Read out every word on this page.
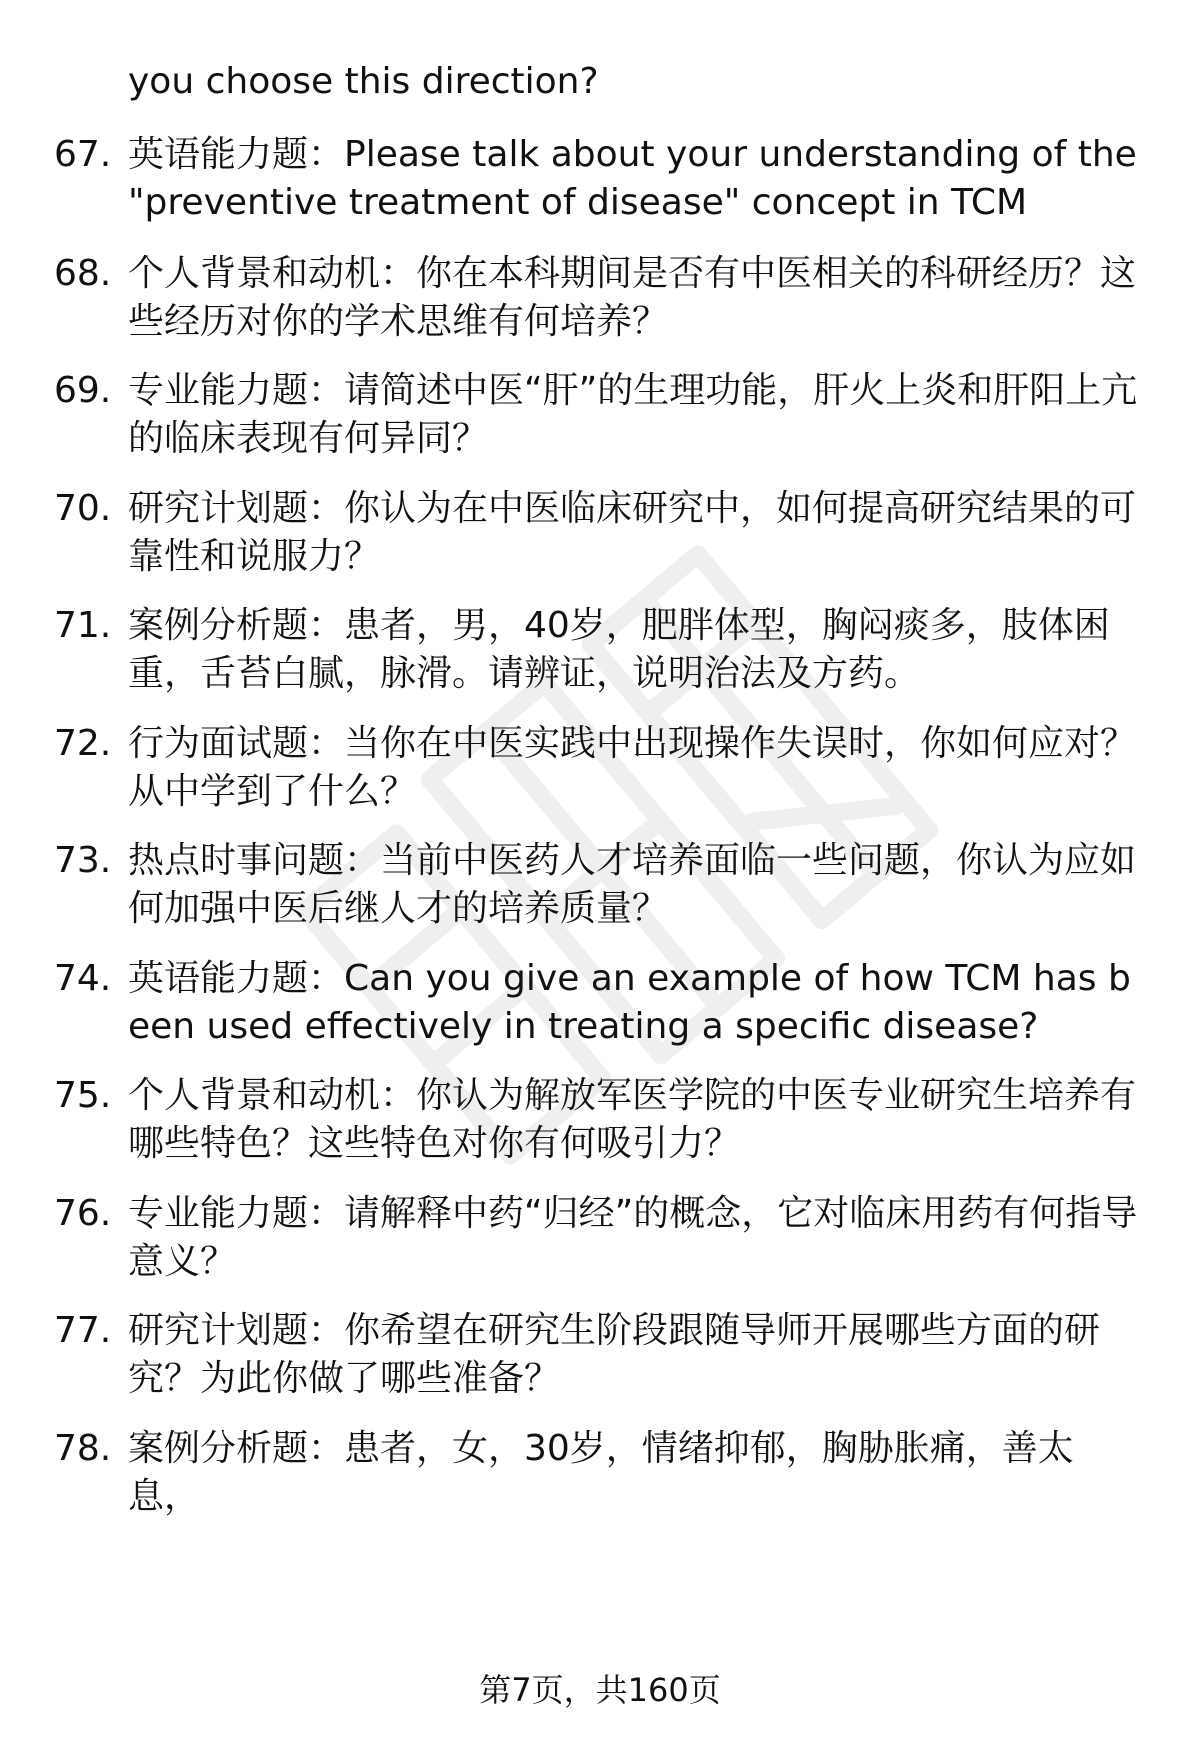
you choose this direction?
67. 英语能力题：Please talk about your understanding of the "preventive treatment of disease" concept in TCM
68. 个人背景和动机：你在本科期间是否有中医相关的科研经历？这些经历对你的学术思维有何培养？
69. 专业能力题：请简述中医“肝”的生理功能，肝火上炎和肝阳上亢的临床表现有何异同？
70. 研究计划题：你认为在中医临床研究中，如何提高研究结果的可靠性和说服力？
71. 案例分析题：患者，男，40岁，肥胖体型，胸闷痰多，肢体困重，舌苔白腻，脉滑。请辨证，说明治法及方药。
72. 行为面试题：当你在中医实践中出现操作失误时，你如何应对？从中学到了什么？
73. 热点时事问题：当前中医药人才培养面临一些问题，你认为应如何加强中医后继人才的培养质量？
74. 英语能力题：Can you give an example of how TCM has been used effectively in treating a specific disease?
75. 个人背景和动机：你认为解放军医学院的中医专业研究生培养有哪些特色？这些特色对你有何吸引力？
76. 专业能力题：请解释中药“归经”的概念，它对临床用药有何指导意义？
77. 研究计划题：你希望在研究生阶段跟随导师开展哪些方面的研究？为此你做了哪些准备？
78. 案例分析题：患者，女，30岁，情绪抑郁，胸胁胀痛，善太息，
第7页，共160页
